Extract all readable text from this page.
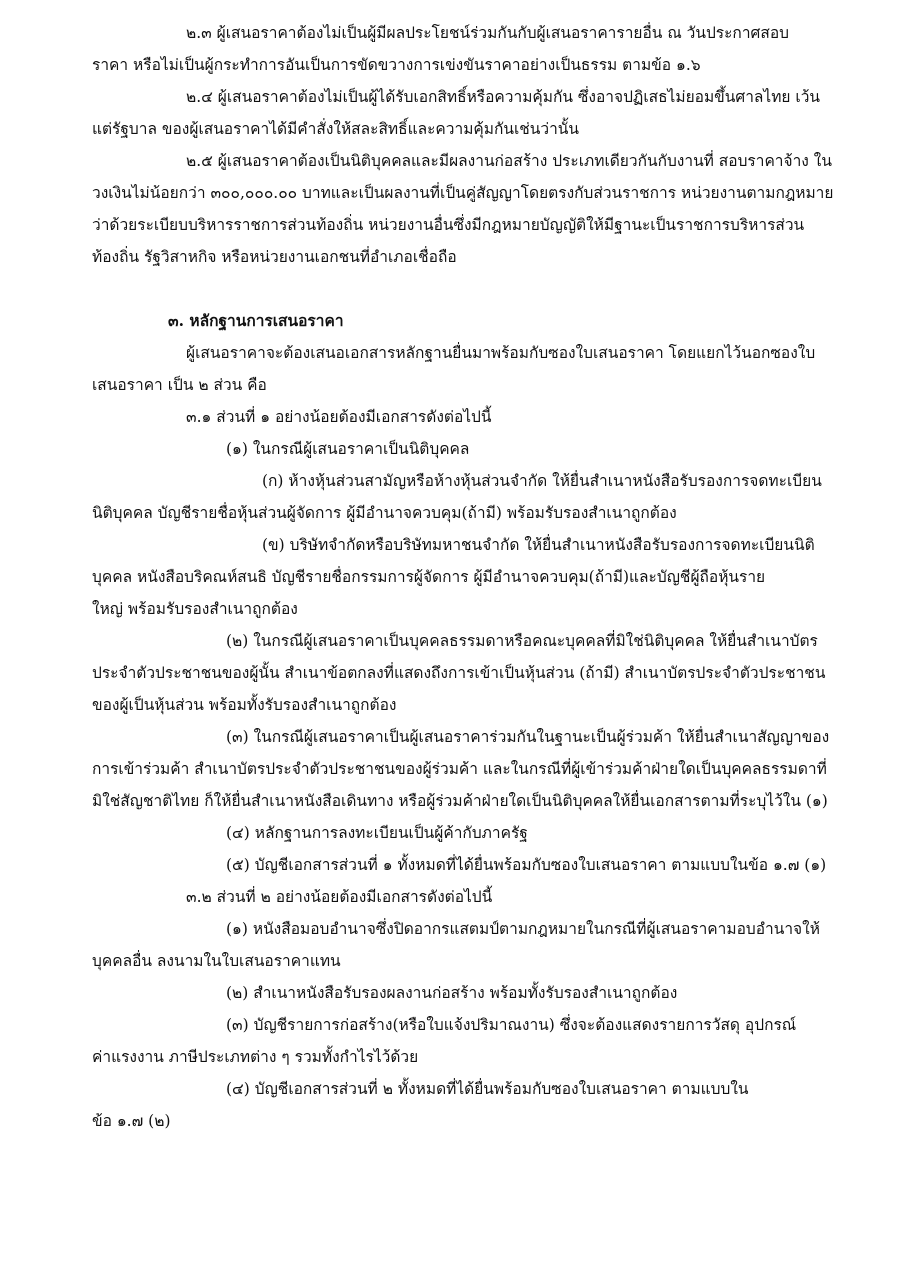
๒.๓ ผู้เสนอราคาต้องไม่เป็นผู้มีผลประโยชน์ร่วมกันกับผู้เสนอราคารายอื่น ณ วันประกาศสอบ
ราคา หรือไม่เป็นผู้กระทำการอันเป็นการขัดขวางการเข่งขันราคาอย่างเป็นธรรม ตามข้อ ๑.๖
๒.๔ ผู้เสนอราคาต้องไม่เป็นผู้ได้รับเอกสิทธิ์หรือความคุ้มกัน ซึ่งอาจปฏิเสธไม่ยอมขึ้นศาลไทย เว้น
แต่รัฐบาล ของผู้เสนอราคาได้มีคำสั่งให้สละสิทธิ์และความคุ้มกันเช่นว่านั้น
๒.๕ ผู้เสนอราคาต้องเป็นนิติบุคคลและมีผลงานก่อสร้าง ประเภทเดียวกันกับงานที่ สอบราคาจ้าง ใน
วงเงินไม่น้อยกว่า ๓๐๐,๐๐๐.๐๐ บาทและเป็นผลงานที่เป็นคู่สัญญาโดยตรงกับส่วนราชการ หน่วยงานตามกฎหมาย
ว่าด้วยระเบียบบริหารราชการส่วนท้องถิ่น หน่วยงานอื่นซึ่งมีกฎหมายบัญญัติให้มีฐานะเป็นราชการบริหารส่วน
ท้องถิ่น รัฐวิสาหกิจ หรือหน่วยงานเอกชนที่อำเภอเชื่อถือ
๓. หลักฐานการเสนอราคา
ผู้เสนอราคาจะต้องเสนอเอกสารหลักฐานยื่นมาพร้อมกับซองใบเสนอราคา โดยแยกไว้นอกซองใบ
เสนอราคา เป็น ๒ ส่วน คือ
๓.๑ ส่วนที่ ๑ อย่างน้อยต้องมีเอกสารดังต่อไปนี้
(๑) ในกรณีผู้เสนอราคาเป็นนิติบุคคล
(ก) ห้างหุ้นส่วนสามัญหรือห้างหุ้นส่วนจำกัด ให้ยื่นสำเนาหนังสือรับรองการจดทะเบียน
นิติบุคคล บัญชีรายชื่อหุ้นส่วนผู้จัดการ ผู้มีอำนาจควบคุม(ถ้ามี) พร้อมรับรองสำเนาถูกต้อง
(ข) บริษัทจำกัดหรือบริษัทมหาชนจำกัด ให้ยื่นสำเนาหนังสือรับรองการจดทะเบียนนิติ
บุคคล หนังสือบริคณห์สนธิ บัญชีรายชื่อกรรมการผู้จัดการ ผู้มีอำนาจควบคุม(ถ้ามี)และบัญชีผู้ถือหุ้นราย
ใหญ่ พร้อมรับรองสำเนาถูกต้อง
(๒) ในกรณีผู้เสนอราคาเป็นบุคคลธรรมดาหรือคณะบุคคลที่มิใช่นิติบุคคล ให้ยื่นสำเนาบัตร
ประจำตัวประชาชนของผู้นั้น สำเนาข้อตกลงที่แสดงถึงการเข้าเป็นหุ้นส่วน (ถ้ามี) สำเนาบัตรประจำตัวประชาชน
ของผู้เป็นหุ้นส่วน พร้อมทั้งรับรองสำเนาถูกต้อง
(๓) ในกรณีผู้เสนอราคาเป็นผู้เสนอราคาร่วมกันในฐานะเป็นผู้ร่วมค้า ให้ยื่นสำเนาสัญญาของ
การเข้าร่วมค้า สำเนาบัตรประจำตัวประชาชนของผู้ร่วมค้า และในกรณีที่ผู้เข้าร่วมค้าฝ่ายใดเป็นบุคคลธรรมดาที่
มิใช่สัญชาติไทย ก็ให้ยื่นสำเนาหนังสือเดินทาง หรือผู้ร่วมค้าฝ่ายใดเป็นนิติบุคคลให้ยื่นเอกสารตามที่ระบุไว้ใน (๑)
(๔) หลักฐานการลงทะเบียนเป็นผู้ค้ากับภาครัฐ
(๕) บัญชีเอกสารส่วนที่ ๑ ทั้งหมดที่ได้ยื่นพร้อมกับซองใบเสนอราคา ตามแบบในข้อ ๑.๗ (๑)
๓.๒ ส่วนที่ ๒ อย่างน้อยต้องมีเอกสารดังต่อไปนี้
(๑) หนังสือมอบอำนาจซึ่งปิดอากรแสตมป์ตามกฎหมายในกรณีที่ผู้เสนอราคามอบอำนาจให้
บุคคลอื่น ลงนามในใบเสนอราคาแทน
(๒) สำเนาหนังสือรับรองผลงานก่อสร้าง พร้อมทั้งรับรองสำเนาถูกต้อง
(๓) บัญชีรายการก่อสร้าง(หรือใบแจ้งปริมาณงาน) ซึ่งจะต้องแสดงรายการวัสดุ อุปกรณ์
ค่าแรงงาน ภาษีประเภทต่าง ๆ รวมทั้งกำไรไว้ด้วย
(๔) บัญชีเอกสารส่วนที่ ๒ ทั้งหมดที่ได้ยื่นพร้อมกับซองใบเสนอราคา ตามแบบใน
ข้อ ๑.๗ (๒)
